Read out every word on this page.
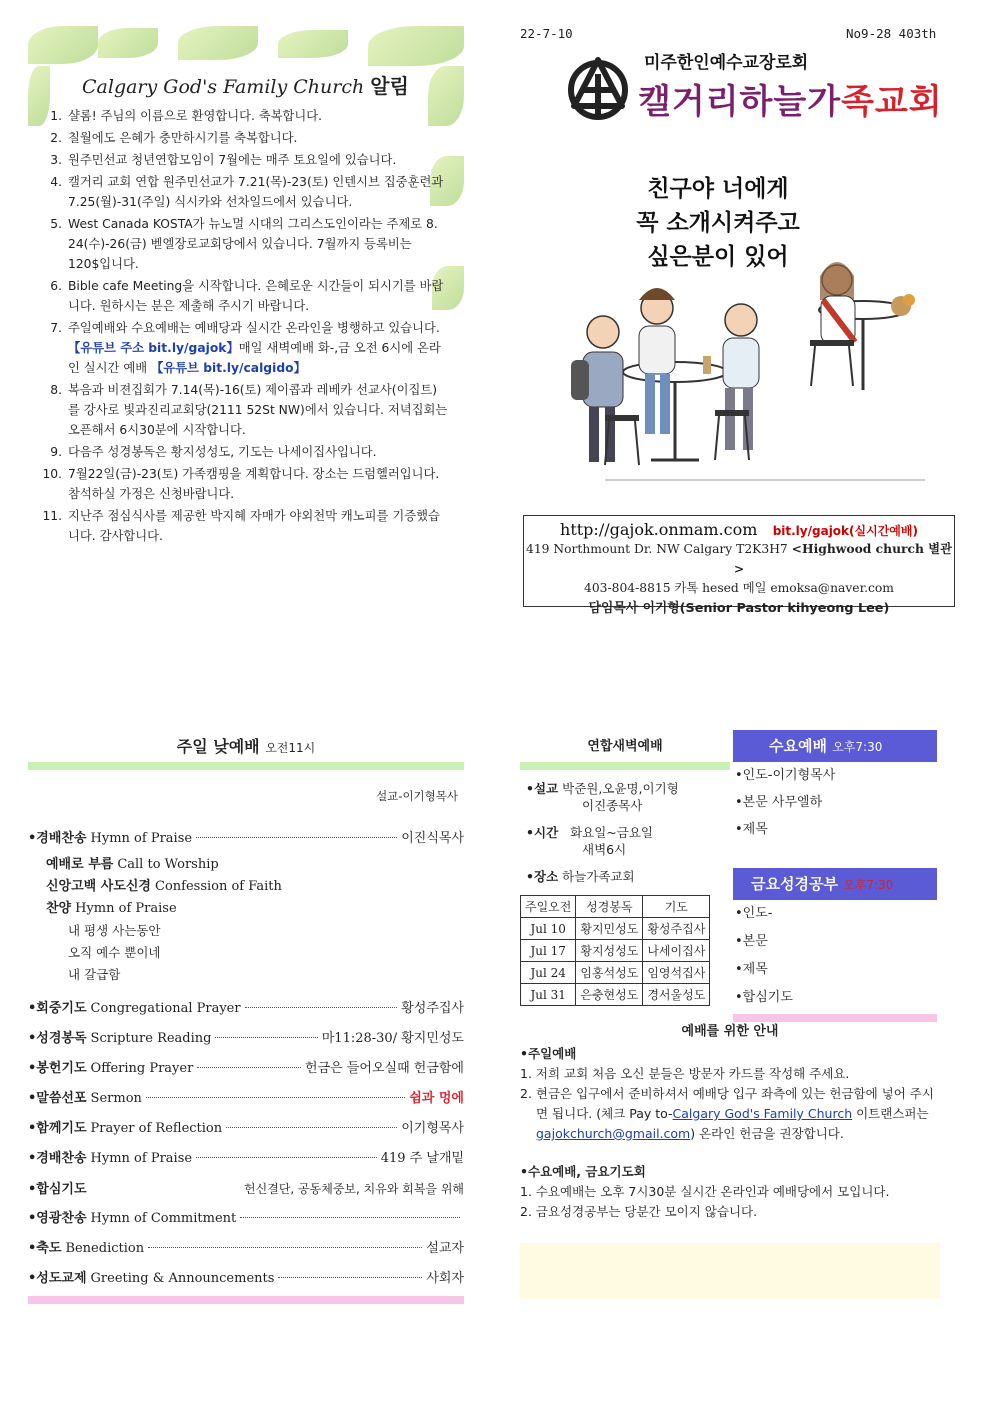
Calgary God's Family Church 알림
1. 샬롬! 주님의 이름으로 환영합니다. 축복합니다.
2. 칠월에도 은혜가 충만하시기를 축복합니다.
3. 원주민선교 청년연합모임이 7월에는 매주 토요일에 있습니다.
4. 캘거리 교회 연합 원주민선교가 7.21(목)-23(토) 인텐시브 집중훈련과 7.25(월)-31(주일) 식시카와 선차일드에서 있습니다.
5. West Canada KOSTA가 뉴노멀 시대의 그리스도인이라는 주제로 8. 24(수)-26(금) 벧엘장로교회당에서 있습니다. 7월까지 등록비는 120$입니다.
6. Bible cafe Meeting을 시작합니다. 은혜로운 시간들이 되시기를 바랍니다. 원하시는 분은 제출해 주시기 바랍니다.
7. 주일예배와 수요예배는 예배당과 실시간 온라인을 병행하고 있습니다.【유튜브 주소 bit.ly/gajok】매일 새벽예배 화-,금 오전 6시에 온라인 실시간 예배 【유튜브 bit.ly/calgido】
8. 복음과 비젼집회가 7.14(목)-16(토) 제이콥과 레베카 선교사(이집트)를 강사로 빛과진리교회당(2111 52St NW)에서 있습니다. 저녁집회는 오픈해서 6시30분에 시작합니다.
9. 다음주 성경봉독은 황지성성도, 기도는 나세이집사입니다.
10. 7월22일(금)-23(토) 가족캠핑을 계획합니다. 장소는 드럼헬러입니다. 참석하실 가정은 신청바랍니다.
11. 지난주 점심식사를 제공한 박지혜 자매가 야외천막 캐노피를 기증했습니다. 감사합니다.
22-7-10	No9-28 403th
미주한인예수교장로회
캘거리하늘가족교회
친구야 너에게
꼭 소개시켜주고
싶은분이 있어
http://gajok.onmam.com bit.ly/gajok(실시간예배)
419 Northmount Dr. NW Calgary T2K3H7 <Highwood church 별관>
403-804-8815 카톡 hesed 메일 emoksa@naver.com
담임목사 이기형(Senior Pastor kihyeong Lee)
주일 낮예배 오전11시
설교-이기형목사
•경배찬송 Hymn of Praise	이진식목사
예배로 부름 Call to Worship
신앙고백 사도신경 Confession of Faith
찬양 Hymn of Praise
내 평생 사는동안
오직 예수 뿐이네
내 갈급함
•회중기도 Congregational Prayer	황성주집사
•성경봉독 Scripture Reading	마11:28-30/ 황지민성도
•봉헌기도 Offering Prayer	헌금은 들어오실때 헌금함에
•말씀선포 Sermon	쉼과 멍에
•함께기도 Prayer of Reflection	이기형목사
•경배찬송 Hymn of Praise	419 주 날개밑
•합심기도	헌신결단, 공동체중보, 치유와 회복을 위해
•영광찬송 Hymn of Commitment
•축도 Benediction	설교자
•성도교제 Greeting & Announcements	사회자
연합새벽예배
•설교 박준원,오윤명,이기형
이진종목사
•시간 화요일~금요일
새벽6시
•장소 하늘가족교회
주일오전	성경봉독	기도
Jul 10	황지민성도	황성주집사
Jul 17	황지성성도	나세이집사
Jul 24	임홍석성도	임영석집사
Jul 31	은충현성도	경서울성도
수요예배 오후7:30
•인도-이기형목사
•본문 사무엘하
•제목
금요성경공부 오후7:30
•인도-
•본문
•제목
•합심기도
예배를 위한 안내
•주일예배

1. 저희 교회 처음 오신 분들은 방문자 카드를 작성해 주세요.

2. 현금은 입구에서 준비하셔서 예배당 입구 좌측에 있는 헌금함에 넣어 주시면 됩니다. (체크 Pay to-Calgary God's Family Church 이트랜스퍼는 gajokchurch@gmail.com) 온라인 헌금을 권장합니다.

•수요예배, 금요기도회

1. 수요예배는 오후 7시30분 실시간 온라인과 예배당에서 모입니다.

2. 금요성경공부는 당분간 모이지 않습니다.
